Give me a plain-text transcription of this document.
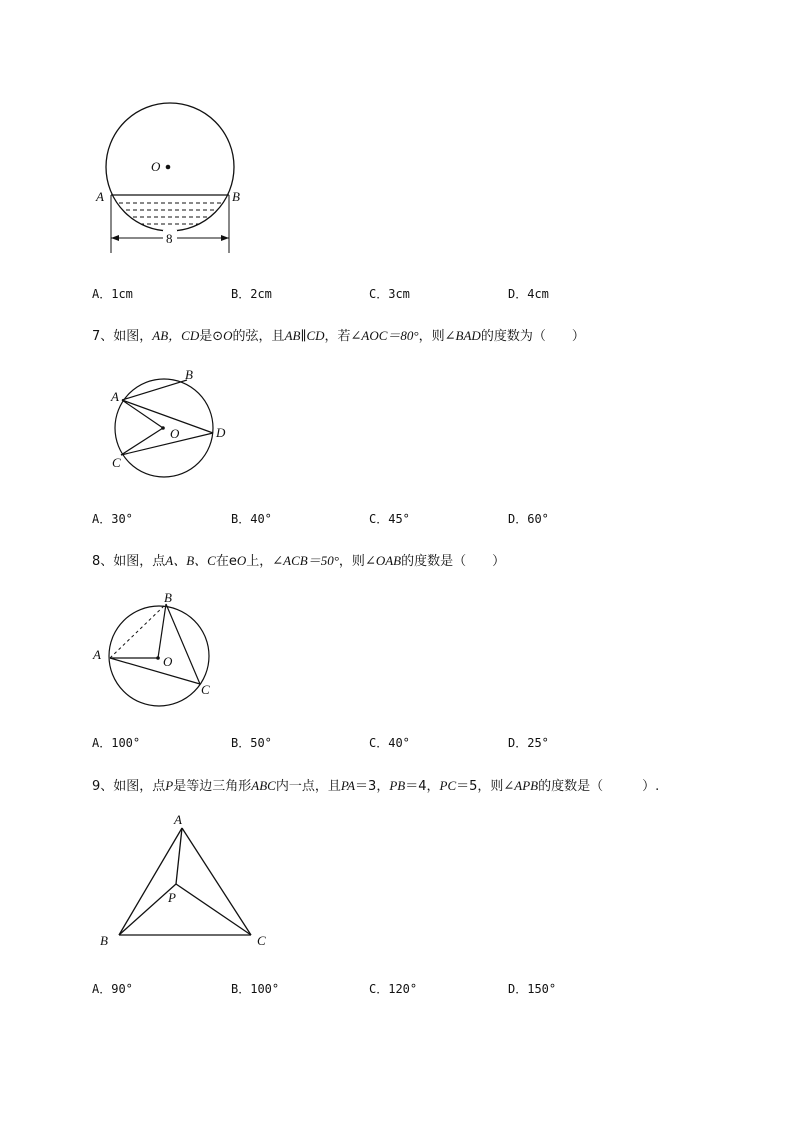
O
A	B
8
A．1cm	B．2cm	C．3cm	D．4cm
7、如图，AB，CD是⊙O的弦，且AB∥CD，若∠AOC＝80°，则∠BAD的度数为（　　）
A
B
C
D
O
A．30°	B．40°	C．45°	D．60°
8、如图，点A、B、C在eO上，∠ACB＝50°，则∠OAB的度数是（　　）
A
B
C
O
A．100°	B．50°	C．40°	D．25°
9、如图，点P是等边三角形ABC内一点，且PA＝3，PB＝4，PC＝5，则∠APB的度数是（　　　）.
A
B	C
P
A．90°	B．100°	C．120°	D．150°
